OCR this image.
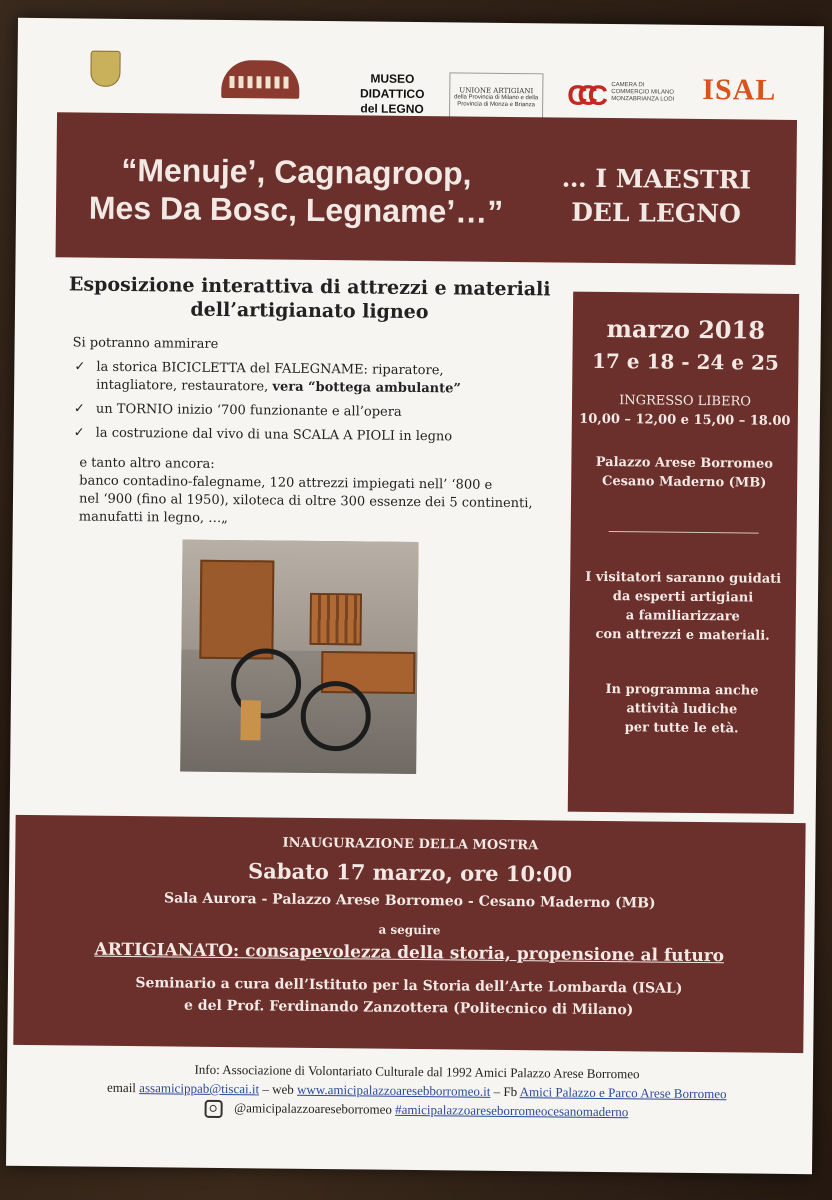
MUSEO DIDATTICO del LEGNO
UNIONE ARTIGIANI
della Provincia di Milano e della Provincia di Monza e Brianza CCC CAMERA DI COMMERCIO MILANO MONZABRIANZA LODI ISAL
“Menuje’, Cagnagroop,
Mes Da Bosc, Legname’…”
… I MAESTRI
DEL LEGNO
Esposizione interattiva di attrezzi e materiali
dell’artigianato ligneo
Si potranno ammirare
✓ la storica BICICLETTA del FALEGNAME: riparatore,
intagliatore, restauratore, vera “bottega ambulante”
✓ un TORNIO inizio ‘700 funzionante e all’opera
✓ la costruzione dal vivo di una SCALA A PIOLI in legno
e tanto altro ancora:
banco contadino-falegname, 120 attrezzi impiegati nell’ ‘800 e
nel ‘900 (fino al 1950), xiloteca di oltre 300 essenze dei 5 continenti,
manufatti in legno, …„
marzo 2018
17 e 18 - 24 e 25
INGRESSO LIBERO
10,00 – 12,00 e 15,00 – 18.00
Palazzo Arese Borromeo
Cesano Maderno (MB)
I visitatori saranno guidati
da esperti artigiani
a familiarizzare
con attrezzi e materiali.
In programma anche
attività ludiche
per tutte le età.
INAUGURAZIONE DELLA MOSTRA
Sabato 17 marzo, ore 10:00
Sala Aurora - Palazzo Arese Borromeo - Cesano Maderno (MB)
a seguire
ARTIGIANATO: consapevolezza della storia, propensione al futuro
Seminario a cura dell’Istituto per la Storia dell’Arte Lombarda (ISAL)
e del Prof. Ferdinando Zanzottera (Politecnico di Milano)
Info: Associazione di Volontariato Culturale dal 1992 Amici Palazzo Arese Borromeo
email assamicippab@tiscai.it – web www.amicipalazzoaresebborromeo.it – Fb Amici Palazzo e Parco Arese Borromeo
@amicipalazzoareseborromeo #amicipalazzoareseborromeocesanomaderno
